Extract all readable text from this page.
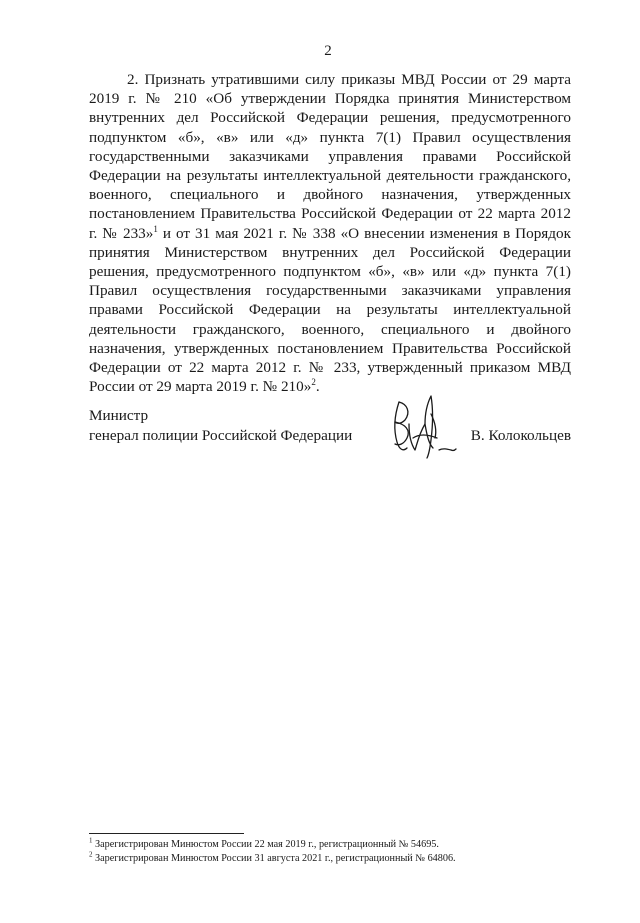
2

2. Признать утратившими силу приказы МВД России от 29 марта 2019 г. № 210 «Об утверждении Порядка принятия Министерством внутренних дел Российской Федерации решения, предусмотренного подпунктом «б», «в» или «д» пункта 7(1) Правил осуществления государственными заказчиками управления правами Российской Федерации на результаты интеллектуальной деятельности гражданского, военного, специального и двойного назначения, утвержденных постановлением Правительства Российской Федерации от 22 марта 2012 г. № 233»$^1$ и от 31 мая 2021 г. № 338 «О внесении изменения в Порядок принятия Министерством внутренних дел Российской Федерации решения, предусмотренного подпунктом «б», «в» или «д» пункта 7(1) Правил осуществления государственными заказчиками управления правами Российской Федерации на результаты интеллектуальной деятельности гражданского, военного, специального и двойного назначения, утвержденных постановлением Правительства Российской Федерации от 22 марта 2012 г. № 233, утвержденный приказом МВД России от 29 марта 2019 г. № 210»$^2$.

Министр
генерал полиции Российской Федерации	В. Колокольцев
$^1$ Зарегистрирован Минюстом России 22 мая 2019 г., регистрационный № 54695.
$^2$ Зарегистрирован Минюстом России 31 августа 2021 г., регистрационный № 64806.
